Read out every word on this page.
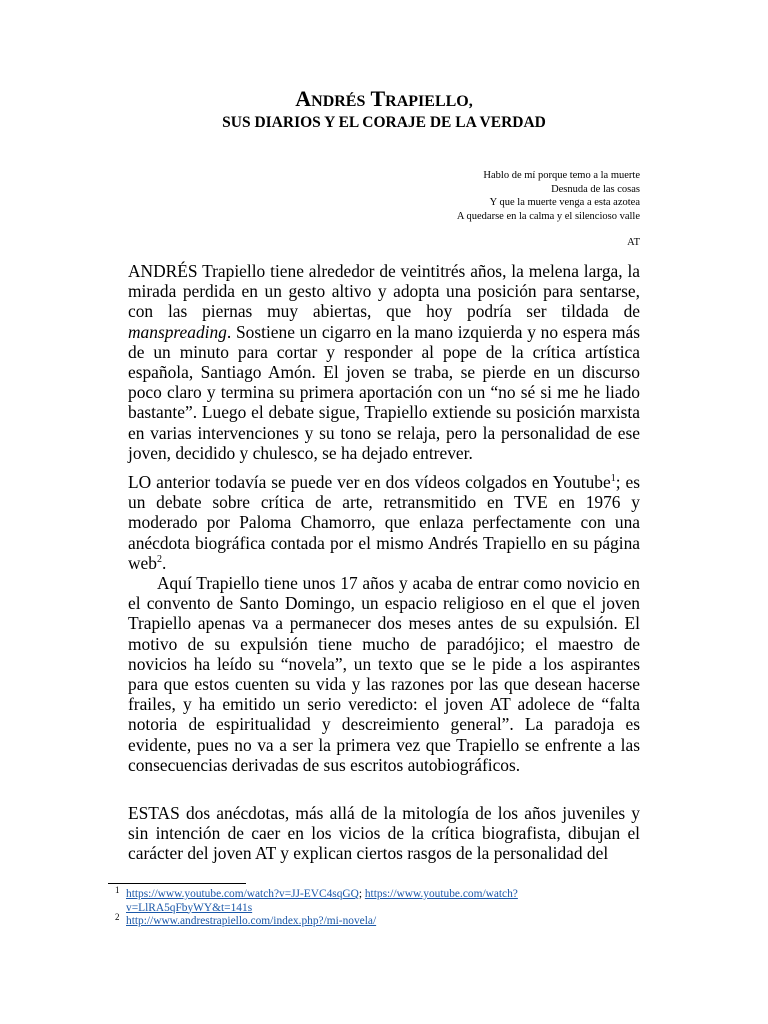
ANDRÉS TRAPIELLO,
SUS DIARIOS Y EL CORAJE DE LA VERDAD
Hablo de mí porque temo a la muerte
Desnuda de las cosas
Y que la muerte venga a esta azotea
A quedarse en la calma y el silencioso valle
AT

ANDRÉS Trapiello tiene alrededor de veintitrés años, la melena larga, la mirada perdida en un gesto altivo y adopta una posición para sentarse, con las piernas muy abiertas, que hoy podría ser tildada de manspreading. Sostiene un cigarro en la mano izquierda y no espera más de un minuto para cortar y responder al pope de la crítica artística española, Santiago Amón. El joven se traba, se pierde en un discurso poco claro y termina su primera aportación con un “no sé si me he liado bastante”. Luego el debate sigue, Trapiello extiende su posición marxista en varias intervenciones y su tono se relaja, pero la personalidad de ese joven, decidido y chulesco, se ha dejado entrever.

LO anterior todavía se puede ver en dos vídeos colgados en Youtube$^1$; es un debate sobre crítica de arte, retransmitido en TVE en 1976 y moderado por Paloma Chamorro, que enlaza perfectamente con una anécdota biográfica contada por el mismo Andrés Trapiello en su página web$^2$.

Aquí Trapiello tiene unos 17 años y acaba de entrar como novicio en el convento de Santo Domingo, un espacio religioso en el que el joven Trapiello apenas va a permanecer dos meses antes de su expulsión. El motivo de su expulsión tiene mucho de paradójico; el maestro de novicios ha leído su “novela”, un texto que se le pide a los aspirantes para que estos cuenten su vida y las razones por las que desean hacerse frailes, y ha emitido un serio veredicto: el joven AT adolece de “falta notoria de espiritualidad y descreimiento general”. La paradoja es evidente, pues no va a ser la primera vez que Trapiello se enfrente a las consecuencias derivadas de sus escritos autobiográficos.

ESTAS dos anécdotas, más allá de la mitología de los años juveniles y sin intención de caer en los vicios de la crítica biografista, dibujan el carácter del joven AT y explican ciertos rasgos de la personalidad del

1 https://www.youtube.com/watch?v=JJ-EVC4sqGQ; https://www.youtube.com/watch?v=LlRA5qFbyWY&t=141s
2 http://www.andrestrapiello.com/index.php?/mi-novela/
